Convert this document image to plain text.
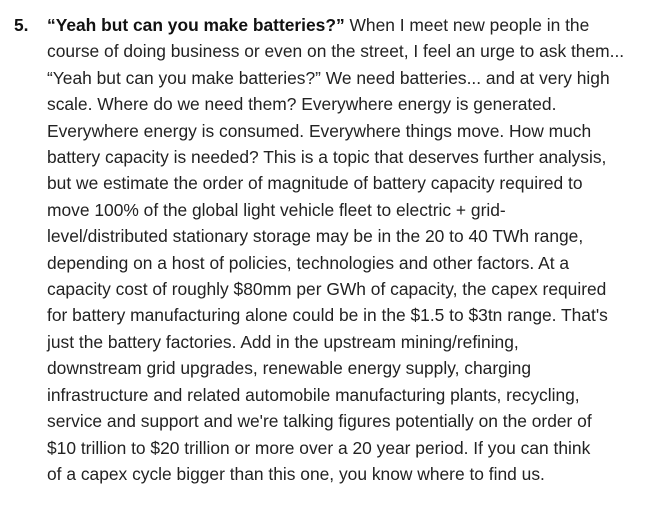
5.	“Yeah but can you make batteries?” When I meet new people in the
course of doing business or even on the street, I feel an urge to ask them...
“Yeah but can you make batteries?” We need batteries... and at very high
scale. Where do we need them? Everywhere energy is generated.
Everywhere energy is consumed. Everywhere things move. How much
battery capacity is needed? This is a topic that deserves further analysis,
but we estimate the order of magnitude of battery capacity required to
move 100% of the global light vehicle fleet to electric + grid-
level/distributed stationary storage may be in the 20 to 40 TWh range,
depending on a host of policies, technologies and other factors. At a
capacity cost of roughly $80mm per GWh of capacity, the capex required
for battery manufacturing alone could be in the $1.5 to $3tn range. That's
just the battery factories. Add in the upstream mining/refining,
downstream grid upgrades, renewable energy supply, charging
infrastructure and related automobile manufacturing plants, recycling,
service and support and we're talking figures potentially on the order of
$10 trillion to $20 trillion or more over a 20 year period. If you can think
of a capex cycle bigger than this one, you know where to find us.
